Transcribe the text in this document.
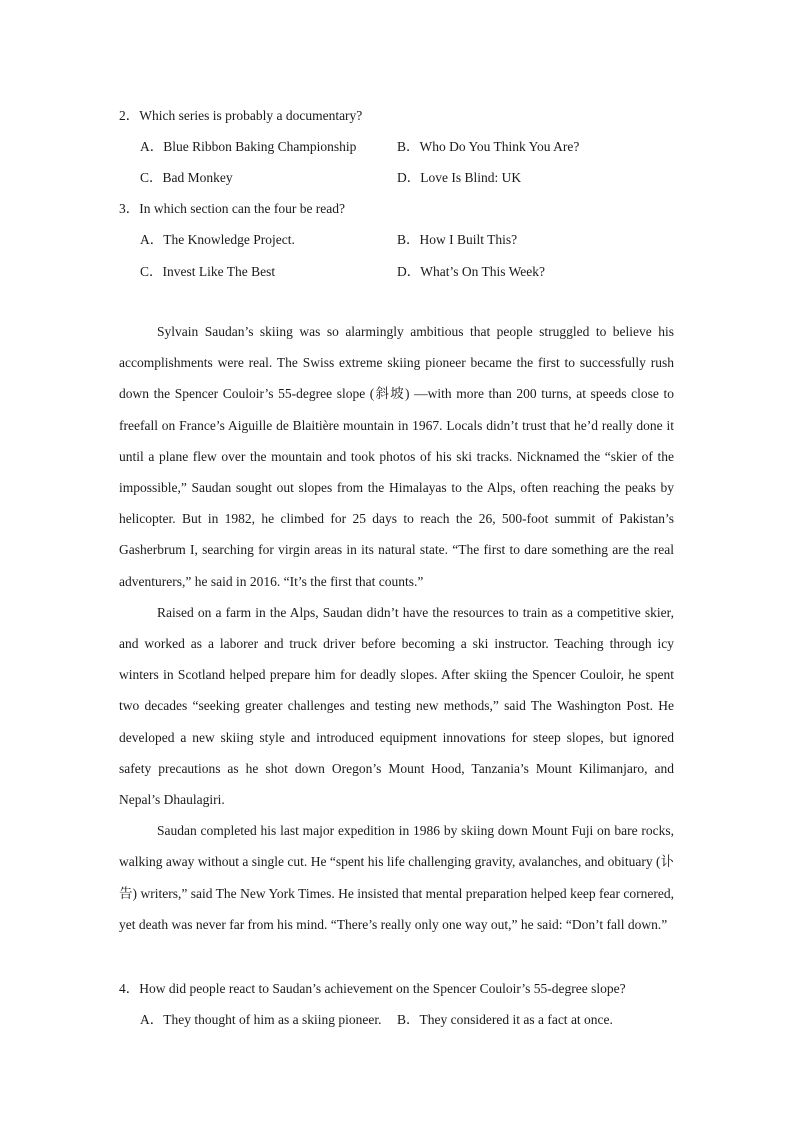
2．Which series is probably a documentary?
A．Blue Ribbon Baking Championship	B．Who Do You Think You Are?
C．Bad Monkey	D．Love Is Blind: UK
3．In which section can the four be read?
A．The Knowledge Project.	B．How I Built This?
C．Invest Like The Best	D．What’s On This Week?

Sylvain Saudan’s skiing was so alarmingly ambitious that people struggled to believe his accomplishments were real. The Swiss extreme skiing pioneer became the first to successfully rush down the Spencer Couloir’s 55-degree slope (斜坡) —with more than 200 turns, at speeds close to freefall on France’s Aiguille de Blaitière mountain in 1967. Locals didn’t trust that he’d really done it until a plane flew over the mountain and took photos of his ski tracks. Nicknamed the “skier of the impossible,” Saudan sought out slopes from the Himalayas to the Alps, often reaching the peaks by helicopter. But in 1982, he climbed for 25 days to reach the 26, 500-foot summit of Pakistan’s Gasherbrum I, searching for virgin areas in its natural state. “The first to dare something are the real adventurers,” he said in 2016. “It’s the first that counts.”

Raised on a farm in the Alps, Saudan didn’t have the resources to train as a competitive skier, and worked as a laborer and truck driver before becoming a ski instructor. Teaching through icy winters in Scotland helped prepare him for deadly slopes. After skiing the Spencer Couloir, he spent two decades “seeking greater challenges and testing new methods,” said The Washington Post. He developed a new skiing style and introduced equipment innovations for steep slopes, but ignored safety precautions as he shot down Oregon’s Mount Hood, Tanzania’s Mount Kilimanjaro, and Nepal’s Dhaulagiri.

Saudan completed his last major expedition in 1986 by skiing down Mount Fuji on bare rocks, walking away without a single cut. He “spent his life challenging gravity, avalanches, and obituary (讣告) writers,” said The New York Times. He insisted that mental preparation helped keep fear cornered, yet death was never far from his mind. “There’s really only one way out,” he said: “Don’t fall down.”

4．How did people react to Saudan’s achievement on the Spencer Couloir’s 55-degree slope?
A．They thought of him as a skiing pioneer. B．They considered it as a fact at once.
